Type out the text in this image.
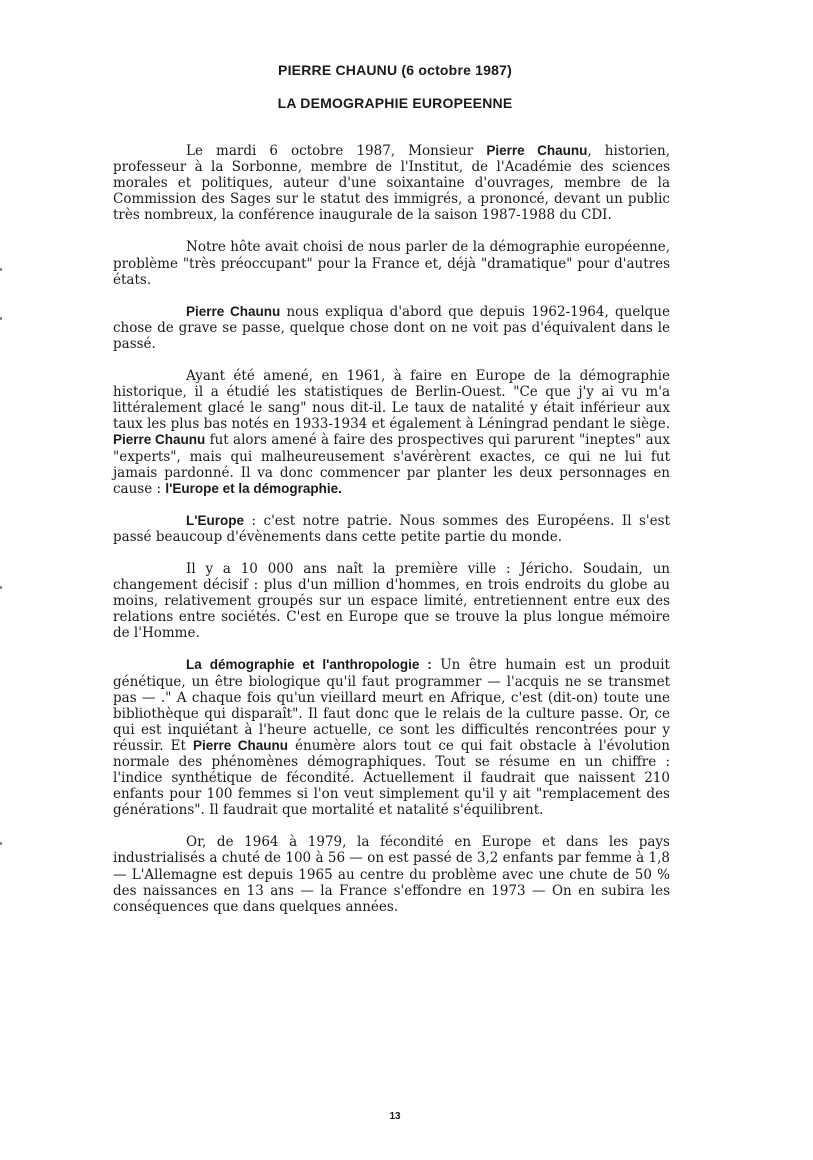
PIERRE CHAUNU (6 octobre 1987)
LA DEMOGRAPHIE EUROPEENNE

Le mardi 6 octobre 1987, Monsieur Pierre Chaunu, historien, professeur à la Sorbonne, membre de l'Institut, de l'Académie des sciences morales et politiques, auteur d'une soixantaine d'ouvrages, membre de la Commission des Sages sur le statut des immigrés, a prononcé, devant un public très nombreux, la conférence inaugurale de la saison 1987-1988 du CDI.

Notre hôte avait choisi de nous parler de la démographie européenne, problème "très préoccupant" pour la France et, déjà "dramatique" pour d'autres états.

Pierre Chaunu nous expliqua d'abord que depuis 1962-1964, quelque chose de grave se passe, quelque chose dont on ne voit pas d'équivalent dans le passé.

Ayant été amené, en 1961, à faire en Europe de la démographie historique, il a étudié les statistiques de Berlin-Ouest. "Ce que j'y ai vu m'a littéralement glacé le sang" nous dit-il. Le taux de natalité y était inférieur aux taux les plus bas notés en 1933-1934 et également à Léningrad pendant le siège. Pierre Chaunu fut alors amené à faire des prospectives qui parurent "ineptes" aux "experts", mais qui malheureusement s'avérèrent exactes, ce qui ne lui fut jamais pardonné. Il va donc commencer par planter les deux personnages en cause : l'Europe et la démographie.

L'Europe : c'est notre patrie. Nous sommes des Européens. Il s'est passé beaucoup d'évènements dans cette petite partie du monde.

Il y a 10 000 ans naît la première ville : Jéricho. Soudain, un changement décisif : plus d'un million d'hommes, en trois endroits du globe au moins, relativement groupés sur un espace limité, entretiennent entre eux des relations entre sociétés. C'est en Europe que se trouve la plus longue mémoire de l'Homme.

La démographie et l'anthropologie : Un être humain est un produit génétique, un être biologique qu'il faut programmer — l'acquis ne se transmet pas — ." A chaque fois qu'un vieillard meurt en Afrique, c'est (dit-on) toute une bibliothèque qui disparaît". Il faut donc que le relais de la culture passe. Or, ce qui est inquiétant à l'heure actuelle, ce sont les difficultés rencontrées pour y réussir. Et Pierre Chaunu énumère alors tout ce qui fait obstacle à l'évolution normale des phénomènes démographiques. Tout se résume en un chiffre : l'indice synthétique de fécondité. Actuellement il faudrait que naissent 210 enfants pour 100 femmes si l'on veut simplement qu'il y ait "remplacement des générations". Il faudrait que mortalité et natalité s'équilibrent.

Or, de 1964 à 1979, la fécondité en Europe et dans les pays industrialisés a chuté de 100 à 56 — on est passé de 3,2 enfants par femme à 1,8 — L'Allemagne est depuis 1965 au centre du problème avec une chute de 50 % des naissances en 13 ans — la France s'effondre en 1973 — On en subira les conséquences que dans quelques années.

13
